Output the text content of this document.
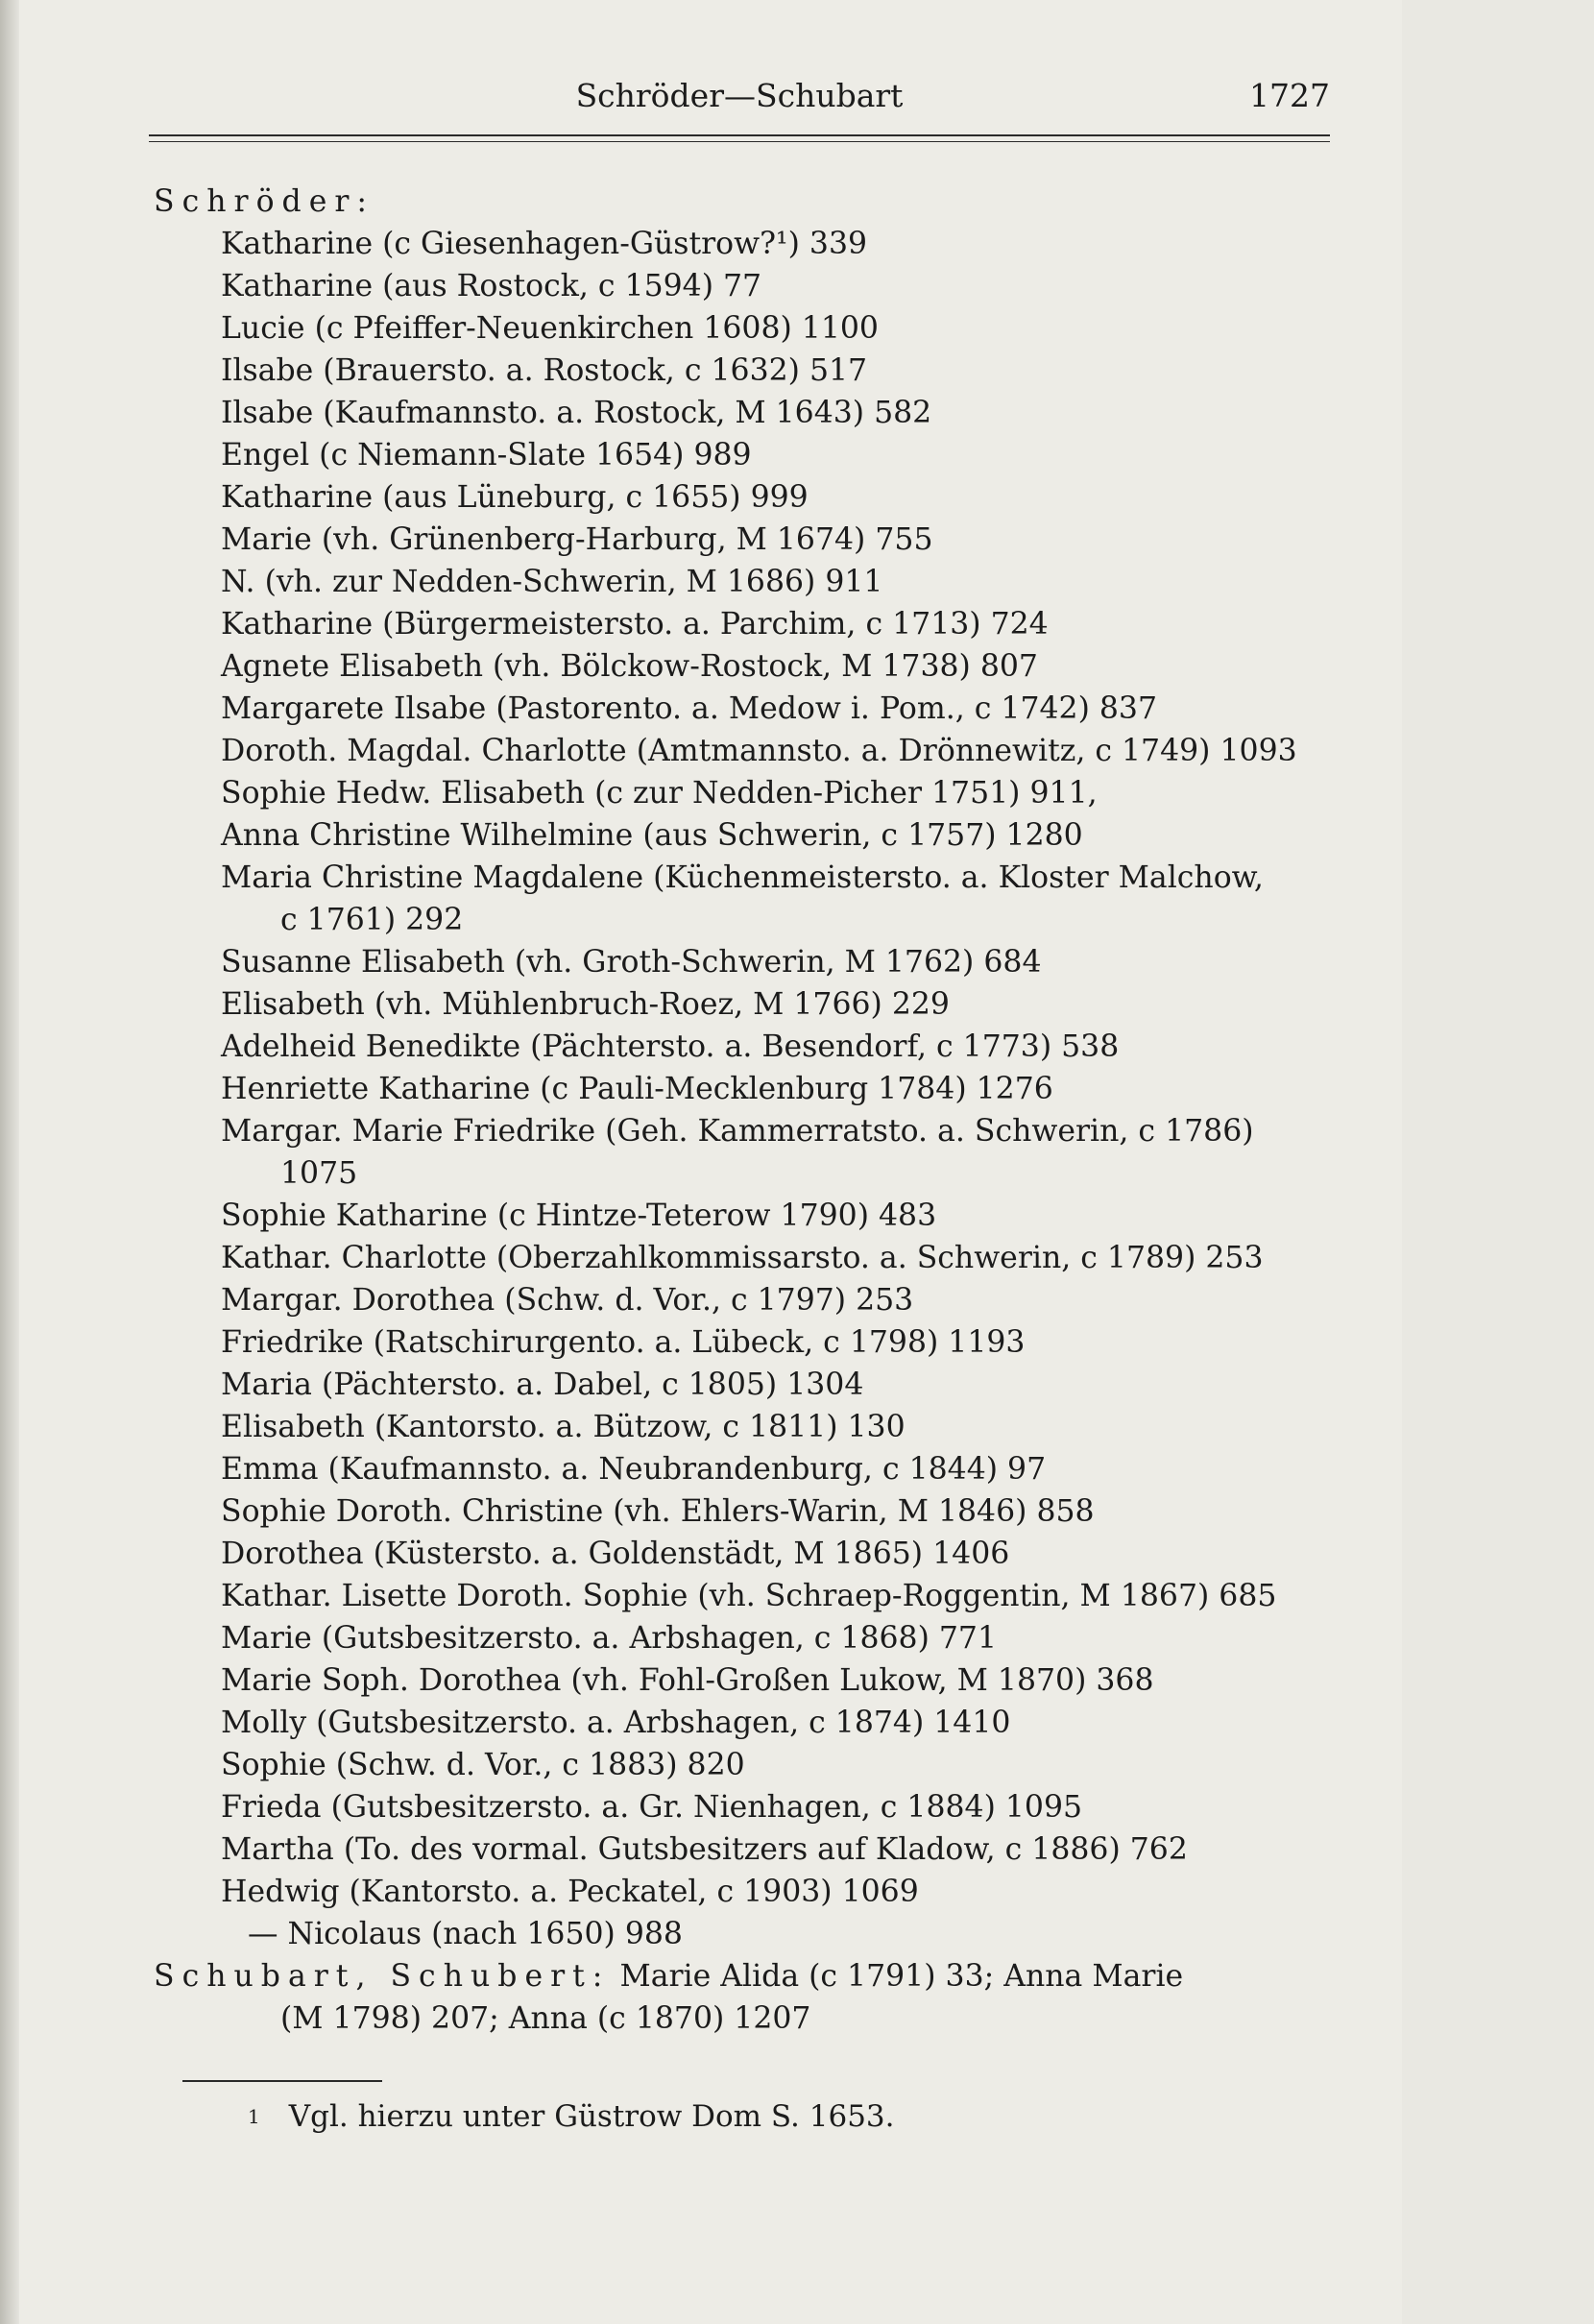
Schröder—Schubart	1727
Schröder:
Katharine (c Giesenhagen-Güstrow?¹) 339
Katharine (aus Rostock, c 1594) 77
Lucie (c Pfeiffer-Neuenkirchen 1608) 1100
Ilsabe (Brauersto. a. Rostock, c 1632) 517
Ilsabe (Kaufmannsto. a. Rostock, M 1643) 582
Engel (c Niemann-Slate 1654) 989
Katharine (aus Lüneburg, c 1655) 999
Marie (vh. Grünenberg-Harburg, M 1674) 755
N. (vh. zur Nedden-Schwerin, M 1686) 911
Katharine (Bürgermeistersto. a. Parchim, c 1713) 724
Agnete Elisabeth (vh. Bölckow-Rostock, M 1738) 807
Margarete Ilsabe (Pastorento. a. Medow i. Pom., c 1742) 837
Doroth. Magdal. Charlotte (Amtmannsto. a. Drönnewitz, c 1749) 1093
Sophie Hedw. Elisabeth (c zur Nedden-Picher 1751) 911,
Anna Christine Wilhelmine (aus Schwerin, c 1757) 1280
Maria Christine Magdalene (Küchenmeistersto. a. Kloster Malchow,
c 1761) 292
Susanne Elisabeth (vh. Groth-Schwerin, M 1762) 684
Elisabeth (vh. Mühlenbruch-Roez, M 1766) 229
Adelheid Benedikte (Pächtersto. a. Besendorf, c 1773) 538
Henriette Katharine (c Pauli-Mecklenburg 1784) 1276
Margar. Marie Friedrike (Geh. Kammerratsto. a. Schwerin, c 1786)
1075
Sophie Katharine (c Hintze-Teterow 1790) 483
Kathar. Charlotte (Oberzahlkommissarsto. a. Schwerin, c 1789) 253
Margar. Dorothea (Schw. d. Vor., c 1797) 253
Friedrike (Ratschirurgento. a. Lübeck, c 1798) 1193
Maria (Pächtersto. a. Dabel, c 1805) 1304
Elisabeth (Kantorsto. a. Bützow, c 1811) 130
Emma (Kaufmannsto. a. Neubrandenburg, c 1844) 97
Sophie Doroth. Christine (vh. Ehlers-Warin, M 1846) 858
Dorothea (Küstersto. a. Goldenstädt, M 1865) 1406
Kathar. Lisette Doroth. Sophie (vh. Schraep-Roggentin, M 1867) 685
Marie (Gutsbesitzersto. a. Arbshagen, c 1868) 771
Marie Soph. Dorothea (vh. Fohl-Großen Lukow, M 1870) 368
Molly (Gutsbesitzersto. a. Arbshagen, c 1874) 1410
Sophie (Schw. d. Vor., c 1883) 820
Frieda (Gutsbesitzersto. a. Gr. Nienhagen, c 1884) 1095
Martha (To. des vormal. Gutsbesitzers auf Kladow, c 1886) 762
Hedwig (Kantorsto. a. Peckatel, c 1903) 1069
— Nicolaus (nach 1650) 988
Schubart, Schubert: Marie Alida (c 1791) 33; Anna Marie
(M 1798) 207; Anna (c 1870) 1207
$^1$ Vgl. hierzu unter Güstrow Dom S. 1653.
